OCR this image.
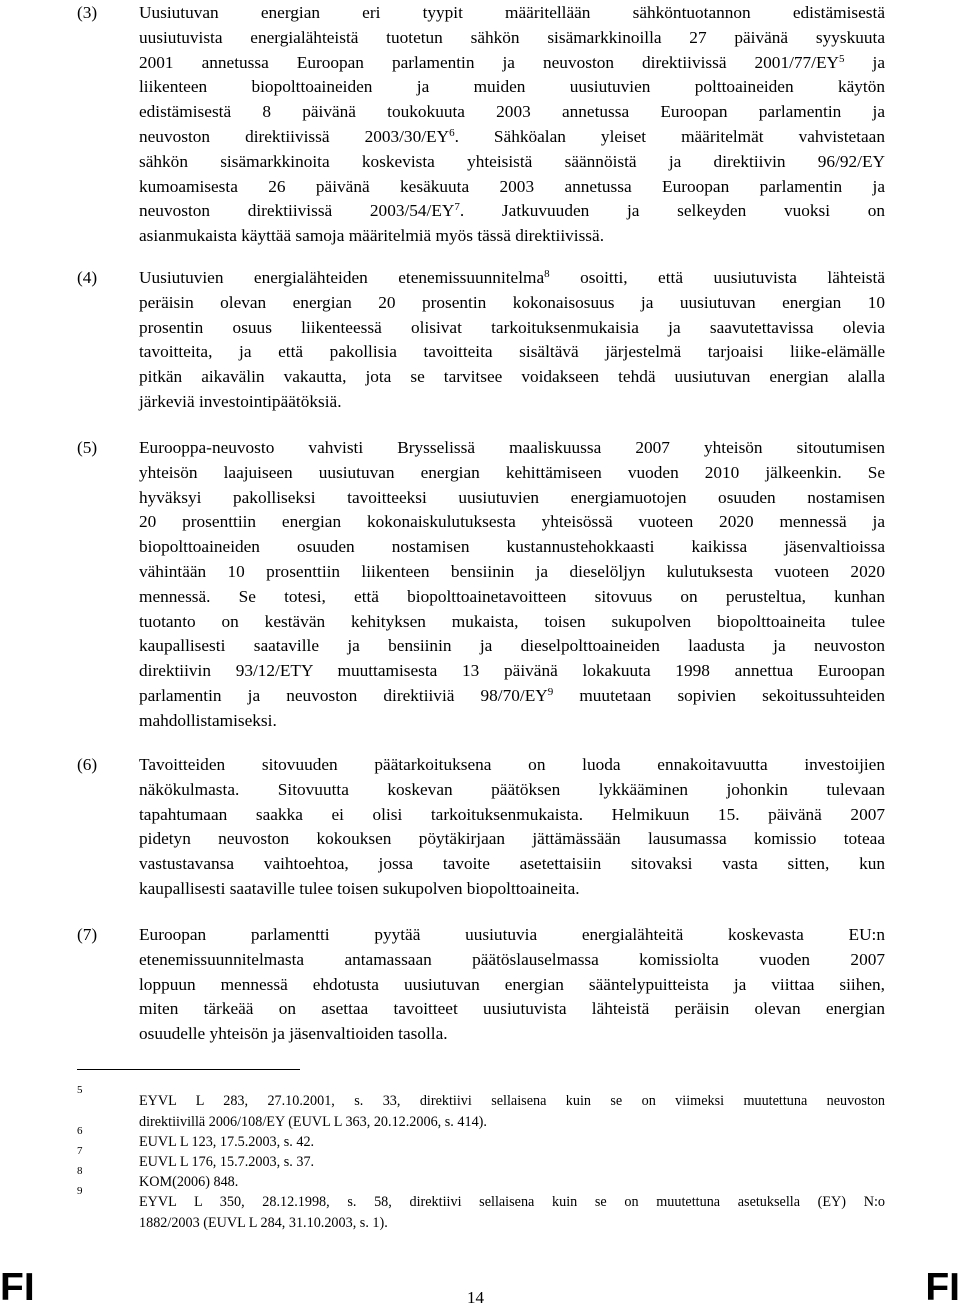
(3) Uusiutuvan energian eri tyypit määritellään sähköntuotannon edistämisestä
uusiutuvista energialähteistä tuotetun sähkön sisämarkkinoilla 27 päivänä syyskuuta
2001 annetussa Euroopan parlamentin ja neuvoston direktiivissä $2001/77/EY^5$ ja
liikenteen biopolttoaineiden ja muiden uusiutuvien polttoaineiden käytön
edistämisestä 8 päivänä toukokuuta 2003 annetussa Euroopan parlamentin ja
neuvoston direktiivissä $2003/30/EY^6$. Sähköalan yleiset määritelmät vahvistetaan
sähkön sisämarkkinoita koskevista yhteisistä säännöistä ja direktiivin 96/92/EY
kumoamisesta 26 päivänä kesäkuuta 2003 annetussa Euroopan parlamentin ja
neuvoston direktiivissä $2003/54/EY^7$. Jatkuvuuden ja selkeyden vuoksi on
asianmukaista käyttää samoja määritelmiä myös tässä direktiivissä.
(4) Uusiutuvien energialähteiden etenemissuunnitelma$^8$ osoitti, että uusiutuvista lähteistä
peräisin olevan energian 20 prosentin kokonaisosuus ja uusiutuvan energian 10
prosentin osuus liikenteessä olisivat tarkoituksenmukaisia ja saavutettavissa olevia
tavoitteita, ja että pakollisia tavoitteita sisältävä järjestelmä tarjoaisi liike-elämälle
pitkän aikavälin vakautta, jota se tarvitsee voidakseen tehdä uusiutuvan energian alalla
järkeviä investointipäätöksiä.
(5) Eurooppa-neuvosto vahvisti Brysselissä maaliskuussa 2007 yhteisön sitoutumisen
yhteisön laajuiseen uusiutuvan energian kehittämiseen vuoden 2010 jälkeenkin. Se
hyväksyi pakolliseksi tavoitteeksi uusiutuvien energiamuotojen osuuden nostamisen
20 prosenttiin energian kokonaiskulutuksesta yhteisössä vuoteen 2020 mennessä ja
biopolttoaineiden osuuden nostamisen kustannustehokkaasti kaikissa jäsenvaltioissa
vähintään 10 prosenttiin liikenteen bensiinin ja dieselöljyn kulutuksesta vuoteen 2020
mennessä. Se totesi, että biopolttoainetavoitteen sitovuus on perusteltua, kunhan
tuotanto on kestävän kehityksen mukaista, toisen sukupolven biopolttoaineita tulee
kaupallisesti saataville ja bensiinin ja dieselpolttoaineiden laadusta ja neuvoston
direktiivin 93/12/ETY muuttamisesta 13 päivänä lokakuuta 1998 annettua Euroopan
parlamentin ja neuvoston direktiiviä $98/70/EY^9$ muutetaan sopivien sekoitussuhteiden
mahdollistamiseksi.
(6) Tavoitteiden sitovuuden päätarkoituksena on luoda ennakoitavuutta investoijien
näkökulmasta. Sitovuutta koskevan päätöksen lykkääminen johonkin tulevaan
tapahtumaan saakka ei olisi tarkoituksenmukaista. Helmikuun 15. päivänä 2007
pidetyn neuvoston kokouksen pöytäkirjaan jättämässään lausumassa komissio toteaa
vastustavansa vaihtoehtoa, jossa tavoite asetettaisiin sitovaksi vasta sitten, kun
kaupallisesti saataville tulee toisen sukupolven biopolttoaineita.
(7) Euroopan parlamentti pyytää uusiutuvia energialähteitä koskevasta EU:n
etenemissuunnitelmasta antamassaan päätöslauselmassa komissiolta vuoden 2007
loppuun mennessä ehdotusta uusiutuvan energian sääntelypuitteista ja viittaa siihen,
miten tärkeää on asettaa tavoitteet uusiutuvista lähteistä peräisin olevan energian
osuudelle yhteisön ja jäsenvaltioiden tasolla.
5
EYVL L 283, 27.10.2001, s. 33, direktiivi sellaisena kuin se on viimeksi muutettuna neuvoston
direktiivillä 2006/108/EY (EUVL L 363, 20.12.2006, s. 414).
6
EUVL L 123, 17.5.2003, s. 42.
7
EUVL L 176, 15.7.2003, s. 37.
8
KOM(2006) 848.
9
EYVL L 350, 28.12.1998, s. 58, direktiivi sellaisena kuin se on muutettuna asetuksella (EY) N:o
1882/2003 (EUVL L 284, 31.10.2003, s. 1).
FI	14	FI
